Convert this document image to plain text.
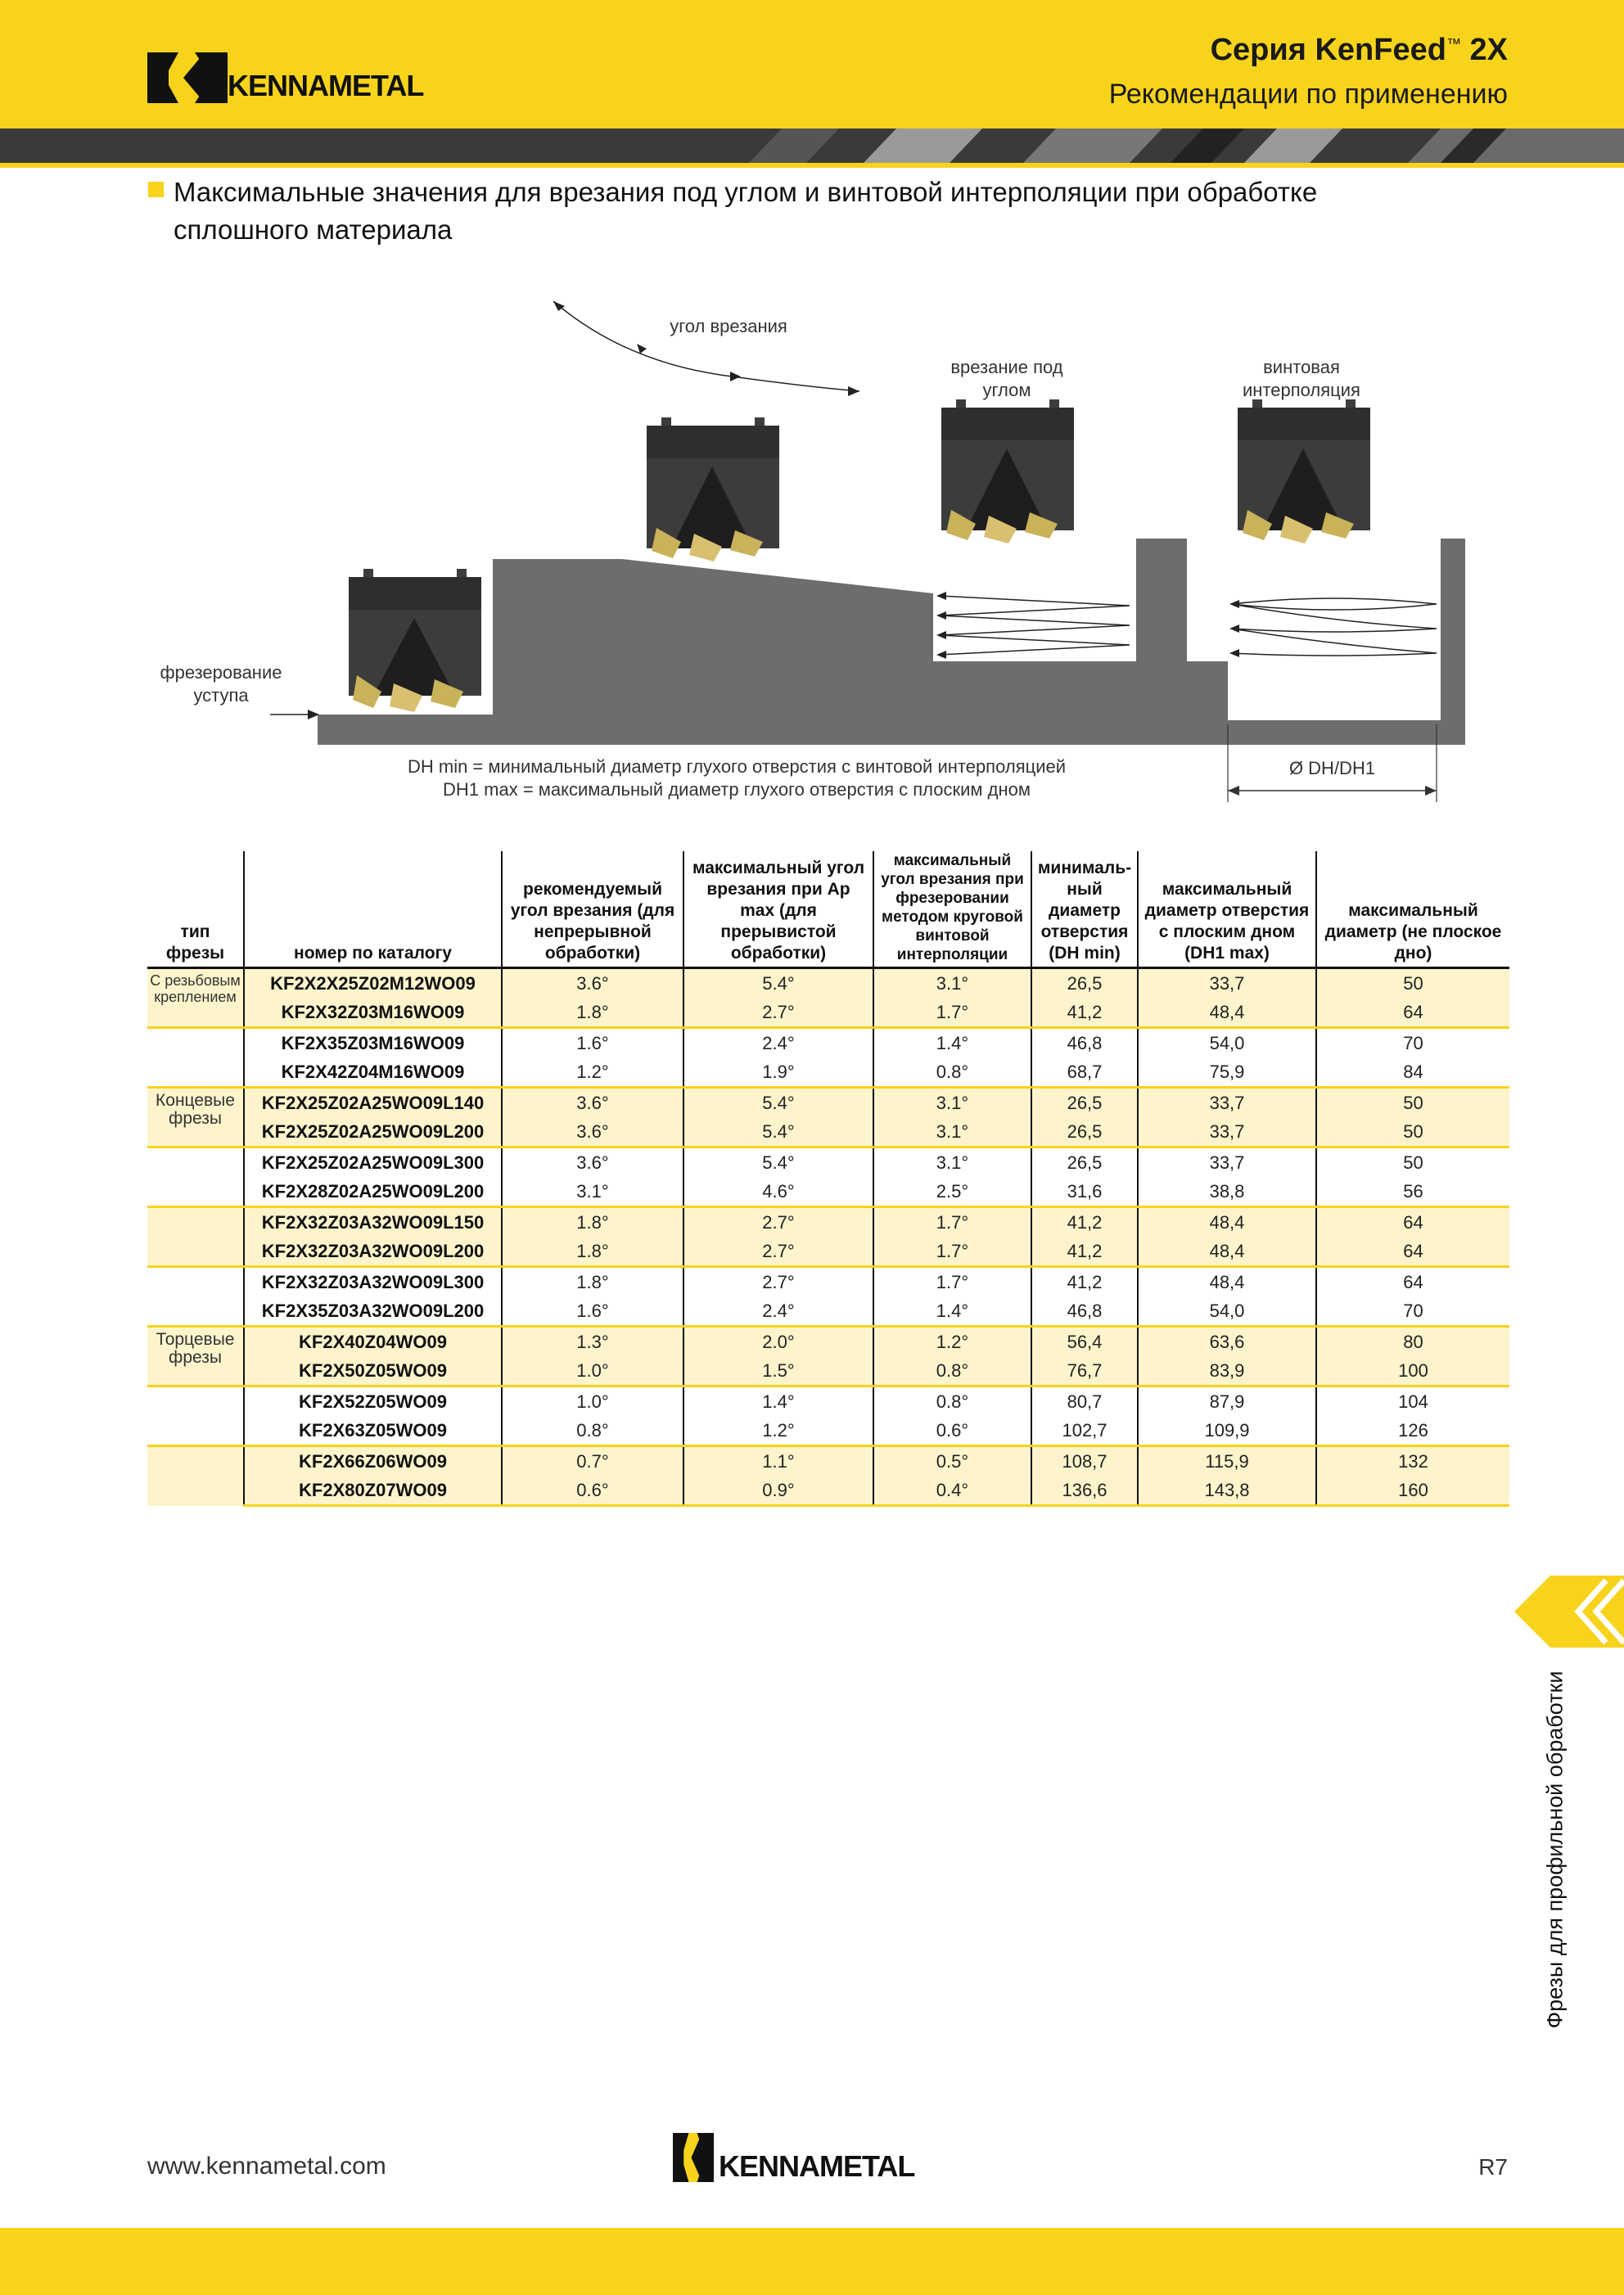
KENNAMETAL
Серия KenFeed™ 2X
Рекомендации по применению
Максимальные значения для врезания под углом и винтовой интерполяции при обработке сплошного материала
угол врезания
врезание под
углом
винтовая
интерполяция
фрезерование
уступа
DH min = минимальный диаметр глухого отверстия с винтовой интерполяцией
DH1 max = максимальный диаметр глухого отверстия с плоским дном
Ø DH/DH1
тип фрезы	номер по каталогу	рекомендуемый угол врезания (для непрерывной обработки)	максимальный угол врезания при Ap max (для прерывистой обработки)	максимальный угол врезания при фрезеровании методом круговой винтовой интерполяции	минималь-ный диаметр отверстия (DH min)	максимальный диаметр отверстия с плоским дном (DH1 max)	максимальный диаметр (не плоское дно)
С резьбовым креплением	KF2X2X25Z02M12WO09	3.6°	5.4°	3.1°	26,5	33,7	50
	KF2X32Z03M16WO09	1.8°	2.7°	1.7°	41,2	48,4	64
	KF2X35Z03M16WO09	1.6°	2.4°	1.4°	46,8	54,0	70
	KF2X42Z04M16WO09	1.2°	1.9°	0.8°	68,7	75,9	84
Концевые фрезы	KF2X25Z02A25WO09L140	3.6°	5.4°	3.1°	26,5	33,7	50
	KF2X25Z02A25WO09L200	3.6°	5.4°	3.1°	26,5	33,7	50
	KF2X25Z02A25WO09L300	3.6°	5.4°	3.1°	26,5	33,7	50
	KF2X28Z02A25WO09L200	3.1°	4.6°	2.5°	31,6	38,8	56
	KF2X32Z03A32WO09L150	1.8°	2.7°	1.7°	41,2	48,4	64
	KF2X32Z03A32WO09L200	1.8°	2.7°	1.7°	41,2	48,4	64
	KF2X32Z03A32WO09L300	1.8°	2.7°	1.7°	41,2	48,4	64
	KF2X35Z03A32WO09L200	1.6°	2.4°	1.4°	46,8	54,0	70
Торцевые фрезы	KF2X40Z04WO09	1.3°	2.0°	1.2°	56,4	63,6	80
	KF2X50Z05WO09	1.0°	1.5°	0.8°	76,7	83,9	100
	KF2X52Z05WO09	1.0°	1.4°	0.8°	80,7	87,9	104
	KF2X63Z05WO09	0.8°	1.2°	0.6°	102,7	109,9	126
	KF2X66Z06WO09	0.7°	1.1°	0.5°	108,7	115,9	132
	KF2X80Z07WO09	0.6°	0.9°	0.4°	136,6	143,8	160
Фрезы для профильной обработки
www.kennametal.com	KENNAMETAL	R7
